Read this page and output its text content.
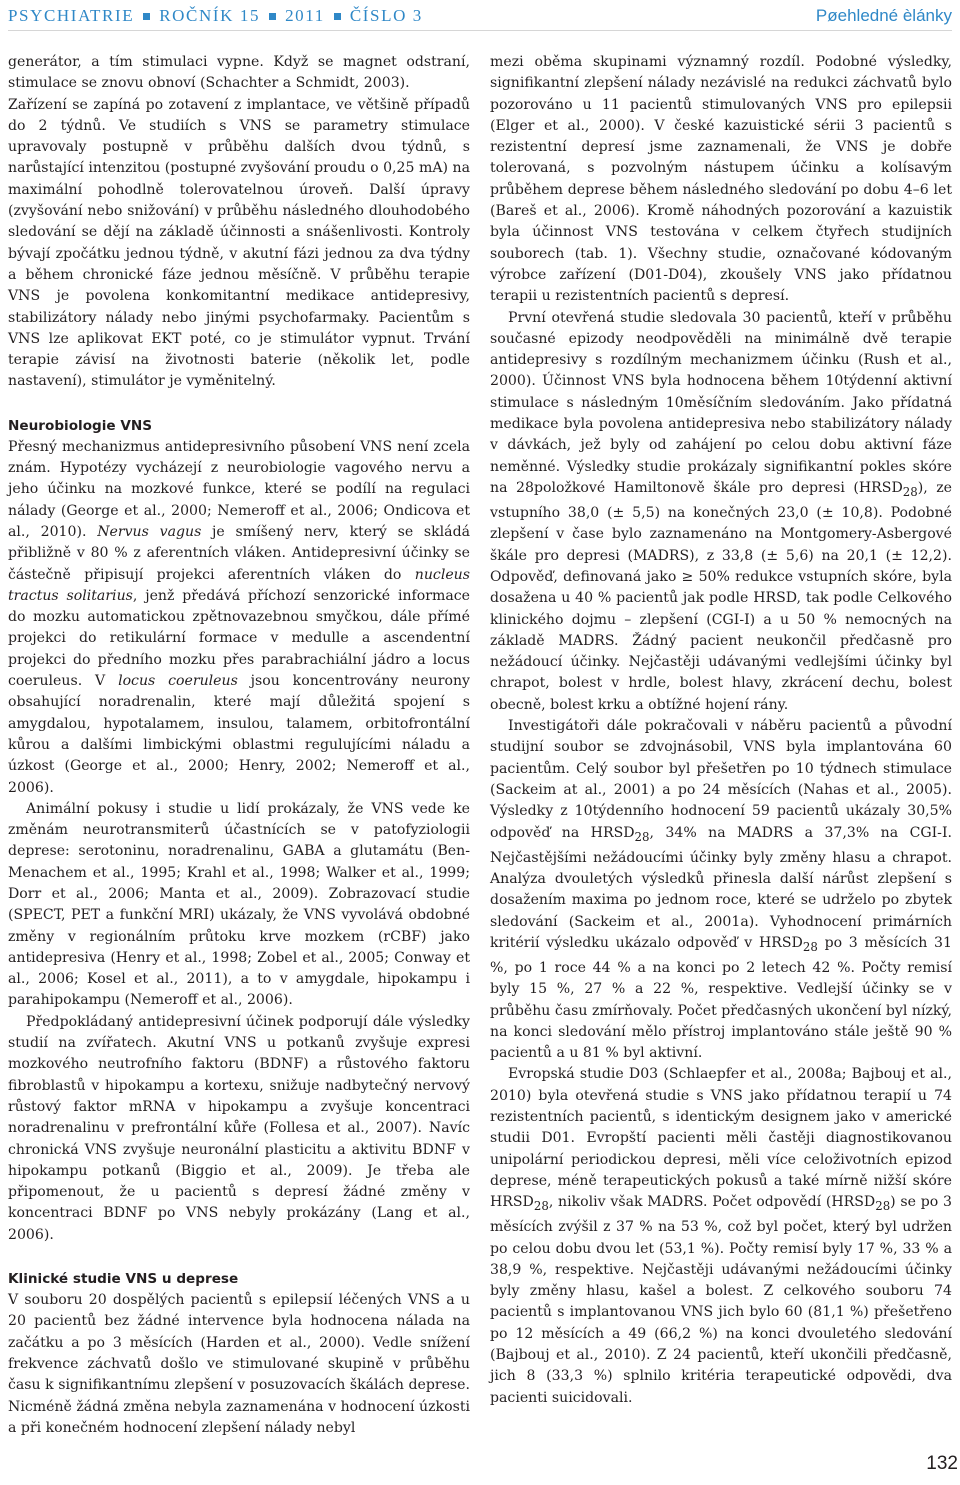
PSYCHIATRIE ROČNÍK 15 2011 ČÍSLO 3	Pøehledné èlánky

generátor, a tím stimulaci vypne. Když se magnet odstraní, stimulace se znovu obnoví (Schachter a Schmidt, 2003).

Zařízení se zapíná po zotavení z implantace, ve většině případů do 2 týdnů. Ve studiích s VNS se parametry stimulace upravovaly postupně v průběhu dalších dvou týdnů, s narůstající intenzitou (postupné zvyšování proudu o 0,25 mA) na maximální pohodlně tolerovatelnou úroveň. Další úpravy (zvyšování nebo snižování) v průběhu následného dlouhodobého sledování se dějí na základě účinnosti a snášenlivosti. Kontroly bývají zpočátku jednou týdně, v akutní fázi jednou za dva týdny a během chronické fáze jednou měsíčně. V průběhu terapie VNS je povolena konkomitantní medikace antidepresivy, stabilizátory nálady nebo jinými psychofarmaky. Pacientům s VNS lze aplikovat EKT poté, co je stimulátor vypnut. Trvání terapie závisí na životnosti baterie (několik let, podle nastavení), stimulátor je vyměnitelný.

Neurobiologie VNS

Přesný mechanizmus antidepresivního působení VNS není zcela znám. Hypotézy vycházejí z neurobiologie vagového nervu a jeho účinku na mozkové funkce, které se podílí na regulaci nálady (George et al., 2000; Nemeroff et al., 2006; Ondicova et al., 2010). Nervus vagus je smíšený nerv, který se skládá přibližně v 80 % z aferentních vláken. Antidepresivní účinky se částečně připisují projekci aferentních vláken do nucleus tractus solitarius, jenž předává příchozí senzorické informace do mozku automatickou zpětnovazebnou smyčkou, dále přímé projekci do retikulární formace v medulle a ascendentní projekci do předního mozku přes parabrachiální jádro a locus coeruleus. V locus coeruleus jsou koncentrovány neurony obsahující noradrenalin, které mají důležitá spojení s amygdalou, hypotalamem, insulou, talamem, orbitofrontální kůrou a dalšími limbickými oblastmi regulujícími náladu a úzkost (George et al., 2000; Henry, 2002; Nemeroff et al., 2006).

Animální pokusy i studie u lidí prokázaly, že VNS vede ke změnám neurotransmiterů účastnících se v patofyziologii deprese: serotoninu, noradrenalinu, GABA a glutamátu (Ben-Menachem et al., 1995; Krahl et al., 1998; Walker et al., 1999; Dorr et al., 2006; Manta et al., 2009). Zobrazovací studie (SPECT, PET a funkční MRI) ukázaly, že VNS vyvolává obdobné změny v regionálním průtoku krve mozkem (rCBF) jako antidepresiva (Henry et al., 1998; Zobel et al., 2005; Conway et al., 2006; Kosel et al., 2011), a to v amygdale, hipokampu i parahipokampu (Nemeroff et al., 2006).

Předpokládaný antidepresivní účinek podporují dále výsledky studií na zvířatech. Akutní VNS u potkanů zvyšuje expresi mozkového neutrofního faktoru (BDNF) a růstového faktoru fibroblastů v hipokampu a kortexu, snižuje nadbytečný nervový růstový faktor mRNA v hipokampu a zvyšuje koncentraci noradrenalinu v prefrontální kůře (Follesa et al., 2007). Navíc chronická VNS zvyšuje neuronální plasticitu a aktivitu BDNF v hipokampu potkanů (Biggio et al., 2009). Je třeba ale připomenout, že u pacientů s depresí žádné změny v koncentraci BDNF po VNS nebyly prokázány (Lang et al., 2006).

Klinické studie VNS u deprese

V souboru 20 dospělých pacientů s epilepsií léčených VNS a u 20 pacientů bez žádné intervence byla hodnocena nálada na začátku a po 3 měsících (Harden et al., 2000). Vedle snížení frekvence záchvatů došlo ve stimulované skupině v průběhu času k signifikantnímu zlepšení v posuzovacích škálách deprese. Nicméně žádná změna nebyla zaznamenána v hodnocení úzkosti a při konečném hodnocení zlepšení nálady nebyl

mezi oběma skupinami významný rozdíl. Podobné výsledky, signifikantní zlepšení nálady nezávislé na redukci záchvatů bylo pozorováno u 11 pacientů stimulovaných VNS pro epilepsii (Elger et al., 2000). V české kazuistické sérii 3 pacientů s rezistentní depresí jsme zaznamenali, že VNS je dobře tolerovaná, s pozvolným nástupem účinku a kolísavým průběhem deprese během následného sledování po dobu 4–6 let (Bareš et al., 2006). Kromě náhodných pozorování a kazuistik byla účinnost VNS testována v celkem čtyřech studijních souborech (tab. 1). Všechny studie, označované kódovaným výrobce zařízení (D01-D04), zkoušely VNS jako přídatnou terapii u rezistentních pacientů s depresí.

První otevřená studie sledovala 30 pacientů, kteří v průběhu současné epizody neodpověděli na minimálně dvě terapie antidepresivy s rozdílným mechanizmem účinku (Rush et al., 2000). Účinnost VNS byla hodnocena během 10týdenní aktivní stimulace s následným 10měsíčním sledováním. Jako přídatná medikace byla povolena antidepresiva nebo stabilizátory nálady v dávkách, jež byly od zahájení po celou dobu aktivní fáze neměnné. Výsledky studie prokázaly signifikantní pokles skóre na 28položkové Hamiltonově škále pro depresi $(HRSD_{28})$, ze vstupního 38,0 (± 5,5) na konečných 23,0 (± 10,8). Podobné zlepšení v čase bylo zaznamenáno na Montgomery-Asbergové škále pro depresi (MADRS), z 33,8 (± 5,6) na 20,1 (± 12,2). Odpověď, definovaná jako ≥ 50% redukce vstupních skóre, byla dosažena u 40 % pacientů jak podle HRSD, tak podle Celkového klinického dojmu – zlepšení (CGI-I) a u 50 % nemocných na základě MADRS. Žádný pacient neukončil předčasně pro nežádoucí účinky. Nejčastěji udávanými vedlejšími účinky byl chrapot, bolest v hrdle, bolest hlavy, zkrácení dechu, bolest obecně, bolest krku a obtížné hojení rány.

Investigátoři dále pokračovali v náběru pacientů a původní studijní soubor se zdvojnásobil, VNS byla implantována 60 pacientům. Celý soubor byl přešetřen po 10 týdnech stimulace (Sackeim at al., 2001) a po 24 měsících (Nahas et al., 2005). Výsledky z 10týdenního hodnocení 59 pacientů ukázaly 30,5% odpověď na $HRSD_{28}$, 34% na MADRS a 37,3% na CGI-I. Nejčastějšími nežádoucími účinky byly změny hlasu a chrapot. Analýza dvouletých výsledků přinesla další nárůst zlepšení s dosažením maxima po jednom roce, které se udrželo po zbytek sledování (Sackeim et al., 2001a). Vyhodnocení primárních kritérií výsledku ukázalo odpověď v $HRSD_{28}$ po 3 měsících 31 %, po 1 roce 44 % a na konci po 2 letech 42 %. Počty remisí byly 15 %, 27 % a 22 %, respektive. Vedlejší účinky se v průběhu času zmírňovaly. Počet předčasných ukončení byl nízký, na konci sledování mělo přístroj implantováno stále ještě 90 % pacientů a u 81 % byl aktivní.

Evropská studie D03 (Schlaepfer et al., 2008a; Bajbouj et al., 2010) byla otevřená studie s VNS jako přídatnou terapií u 74 rezistentních pacientů, s identickým designem jako v americké studii D01. Evropští pacienti měli častěji diagnostikovanou unipolární periodickou depresi, měli více celoživotních epizod deprese, méně terapeutických pokusů a také mírně nižší skóre $HRSD_{28}$, nikoliv však MADRS. Počet odpovědí $(HRSD_{28})$ se po 3 měsících zvýšil z 37 % na 53 %, což byl počet, který byl udržen po celou dobu dvou let (53,1 %). Počty remisí byly 17 %, 33 % a 38,9 %, respektive. Nejčastěji udávanými nežádoucími účinky byly změny hlasu, kašel a bolest. Z celkového souboru 74 pacientů s implantovanou VNS jich bylo 60 (81,1 %) přešetřeno po 12 měsících a 49 (66,2 %) na konci dvouletého sledování (Bajbouj et al., 2010). Z 24 pacientů, kteří ukončili předčasně, jich 8 (33,3 %) splnilo kritéria terapeutické odpovědi, dva pacienti suicidovali.

132
